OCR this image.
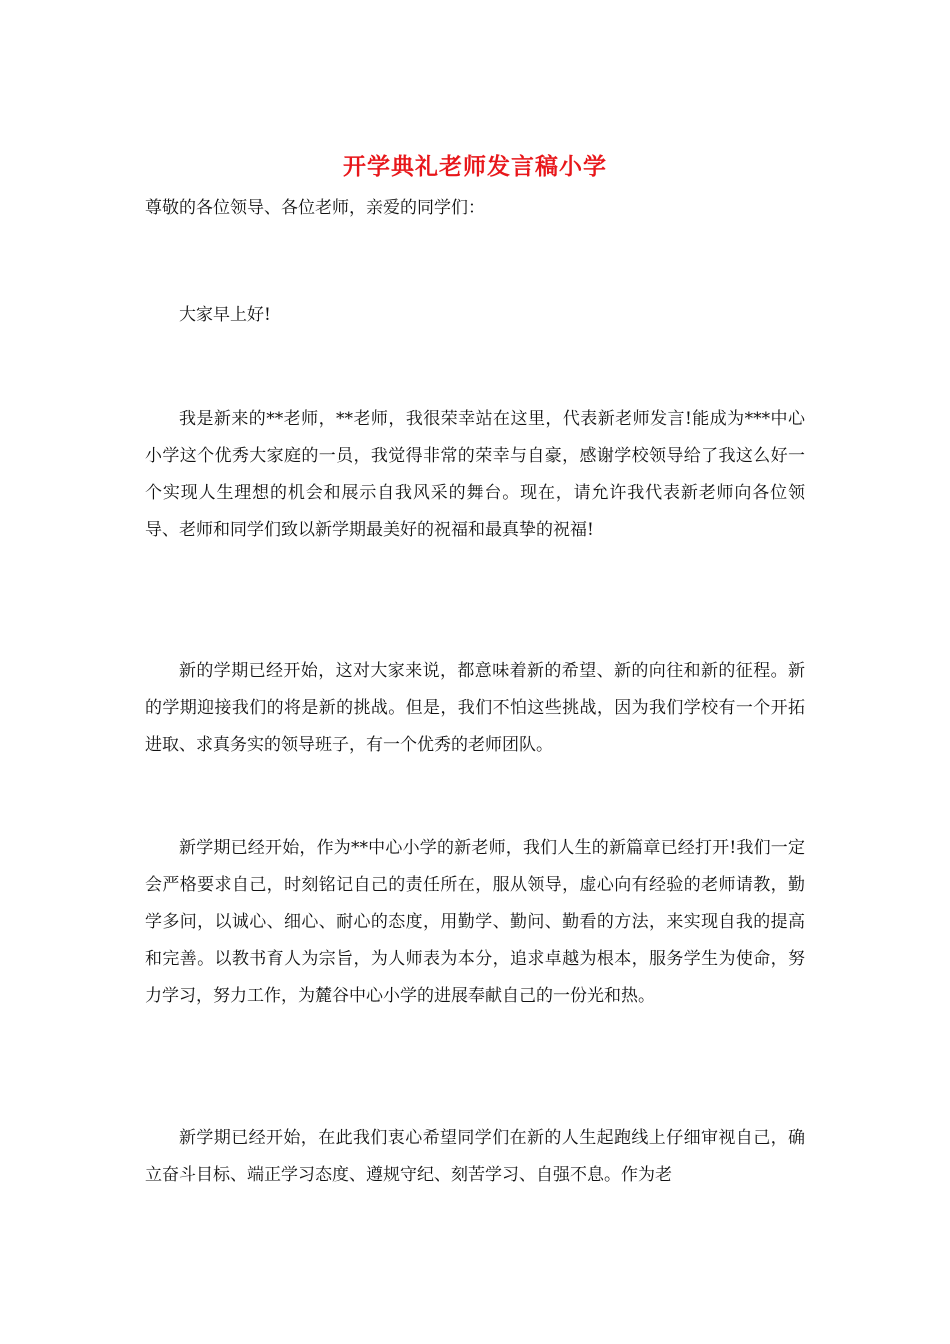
开学典礼老师发言稿小学
尊敬的各位领导、各位老师，亲爱的同学们：

大家早上好!

我是新来的**老师，**老师，我很荣幸站在这里，代表新老师发言!能成为***中心小学这个优秀大家庭的一员，我觉得非常的荣幸与自豪，感谢学校领导给了我这么好一个实现人生理想的机会和展示自我风采的舞台。现在，请允许我代表新老师向各位领导、老师和同学们致以新学期最美好的祝福和最真挚的祝福!

新的学期已经开始，这对大家来说，都意味着新的希望、新的向往和新的征程。新的学期迎接我们的将是新的挑战。但是，我们不怕这些挑战，因为我们学校有一个开拓进取、求真务实的领导班子，有一个优秀的老师团队。

新学期已经开始，作为**中心小学的新老师，我们人生的新篇章已经打开!我们一定会严格要求自己，时刻铭记自己的责任所在，服从领导，虚心向有经验的老师请教，勤学多问，以诚心、细心、耐心的态度，用勤学、勤问、勤看的方法，来实现自我的提高和完善。以教书育人为宗旨，为人师表为本分，追求卓越为根本，服务学生为使命，努力学习，努力工作，为麓谷中心小学的进展奉献自己的一份光和热。

新学期已经开始，在此我们衷心希望同学们在新的人生起跑线上仔细审视自己，确立奋斗目标、端正学习态度、遵规守纪、刻苦学习、自强不息。作为老
